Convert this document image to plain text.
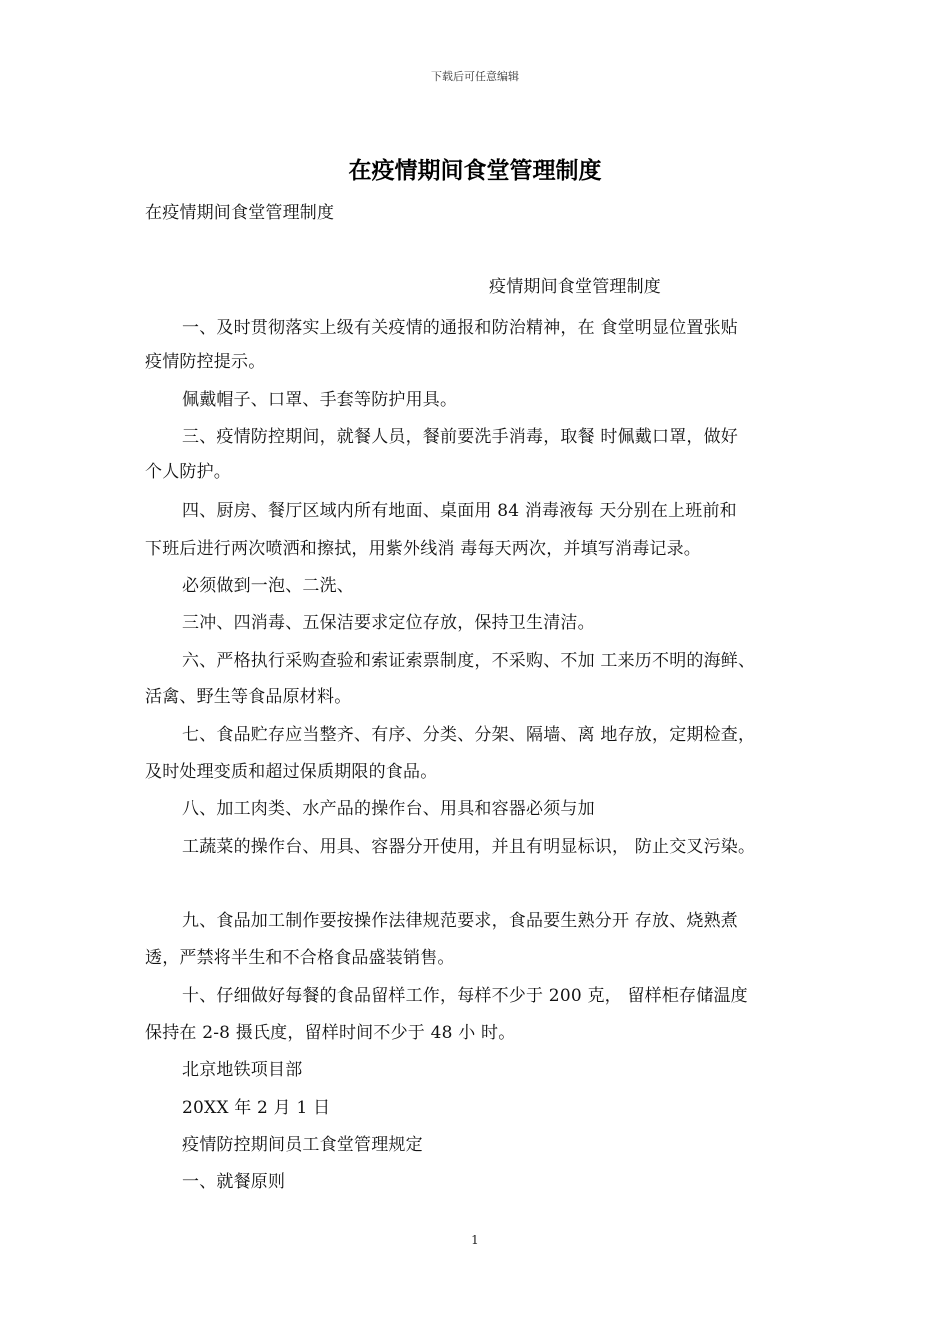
下载后可任意编辑
在疫情期间食堂管理制度
在疫情期间食堂管理制度
疫情期间食堂管理制度
一、及时贯彻落实上级有关疫情的通报和防治精神，在 食堂明显位置张贴
疫情防控提示。
佩戴帽子、口罩、手套等防护用具。
三、疫情防控期间，就餐人员，餐前要洗手消毒，取餐 时佩戴口罩，做好
个人防护。
四、厨房、餐厅区域内所有地面、桌面用 84 消毒液每 天分别在上班前和
下班后进行两次喷洒和擦拭，用紫外线消 毒每天两次，并填写消毒记录。
必须做到一泡、二洗、
三冲、四消毒、五保洁要求定位存放，保持卫生清洁。
六、严格执行采购查验和索证索票制度，不采购、不加 工来历不明的海鲜、
活禽、野生等食品原材料。
七、食品贮存应当整齐、有序、分类、分架、隔墙、离 地存放，定期检查，
及时处理变质和超过保质期限的食品。
八、加工肉类、水产品的操作台、用具和容器必须与加
工蔬菜的操作台、用具、容器分开使用，并且有明显标识， 防止交叉污染。
九、食品加工制作要按操作法律规范要求，食品要生熟分开 存放、烧熟煮
透，严禁将半生和不合格食品盛装销售。
十、仔细做好每餐的食品留样工作，每样不少于 200 克， 留样柜存储温度
保持在 2-8 摄氏度，留样时间不少于 48 小 时。
北京地铁项目部
20XX 年 2 月 1 日
疫情防控期间员工食堂管理规定
一、就餐原则
1
